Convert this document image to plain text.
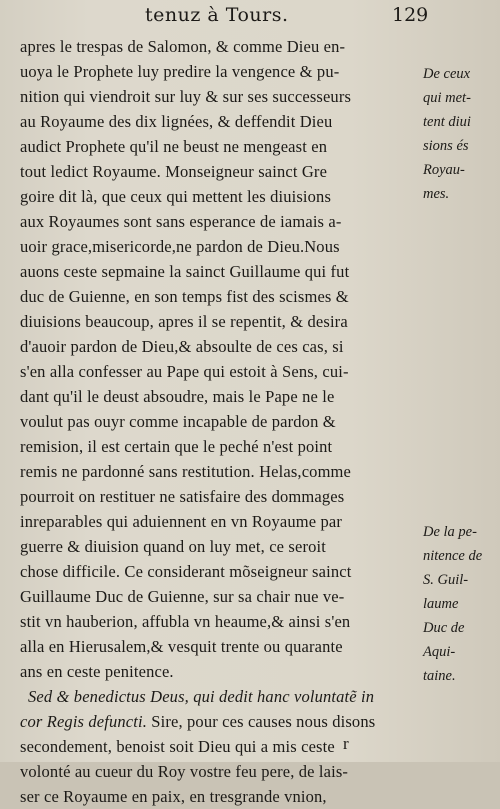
tenuz à Tours.	129
apres le trespas de Salomon, & comme Dieu en-
uoya le Prophete luy predire la vengence & pu-
nition qui viendroit sur luy & sur ses successeurs
au Royaume des dix lignées, & deffendit Dieu
audict Prophete qu'il ne beust ne mengeast en
tout ledict Royaume. Monseigneur sainct Gre
goire dit là, que ceux qui mettent les diuisions
aux Royaumes sont sans esperance de iamais a-
uoir grace,misericorde,ne pardon de Dieu.Nous
auons ceste sepmaine la sainct Guillaume qui fut
duc de Guienne, en son temps fist des scismes &
diuisions beaucoup, apres il se repentit, & desira
d'auoir pardon de Dieu,& absoulte de ces cas, si
s'en alla confesser au Pape qui estoit à Sens, cui-
dant qu'il le deust absoudre, mais le Pape ne le
voulut pas ouyr comme incapable de pardon &
remision, il est certain que le peché n'est point
remis ne pardonné sans restitution. Helas,comme
pourroit on restituer ne satisfaire des dommages
inreparables qui aduiennent en vn Royaume par
guerre & diuision quand on luy met, ce seroit
chose difficile. Ce considerant mõseigneur sainct
Guillaume Duc de Guienne, sur sa chair nue ve-
stit vn hauberion, affubla vn heaume,& ainsi s'en
alla en Hierusalem,& vesquit trente ou quarante
ans en ceste penitence.
Sed & benedictus Deus, qui dedit hanc voluntatẽ in
cor Regis defuncti. Sire, pour ces causes nous disons
secondement, benoist soit Dieu qui a mis ceste
volonté au cueur du Roy vostre feu pere, de lais-
ser ce Royaume en paix, en tresgrande vnion,
De ceux
qui met-
tent diui
sions és
Royau-
mes.
De la pe-
nitence de
S. Guil-
laume
Duc de
Aqui-
taine.
r
